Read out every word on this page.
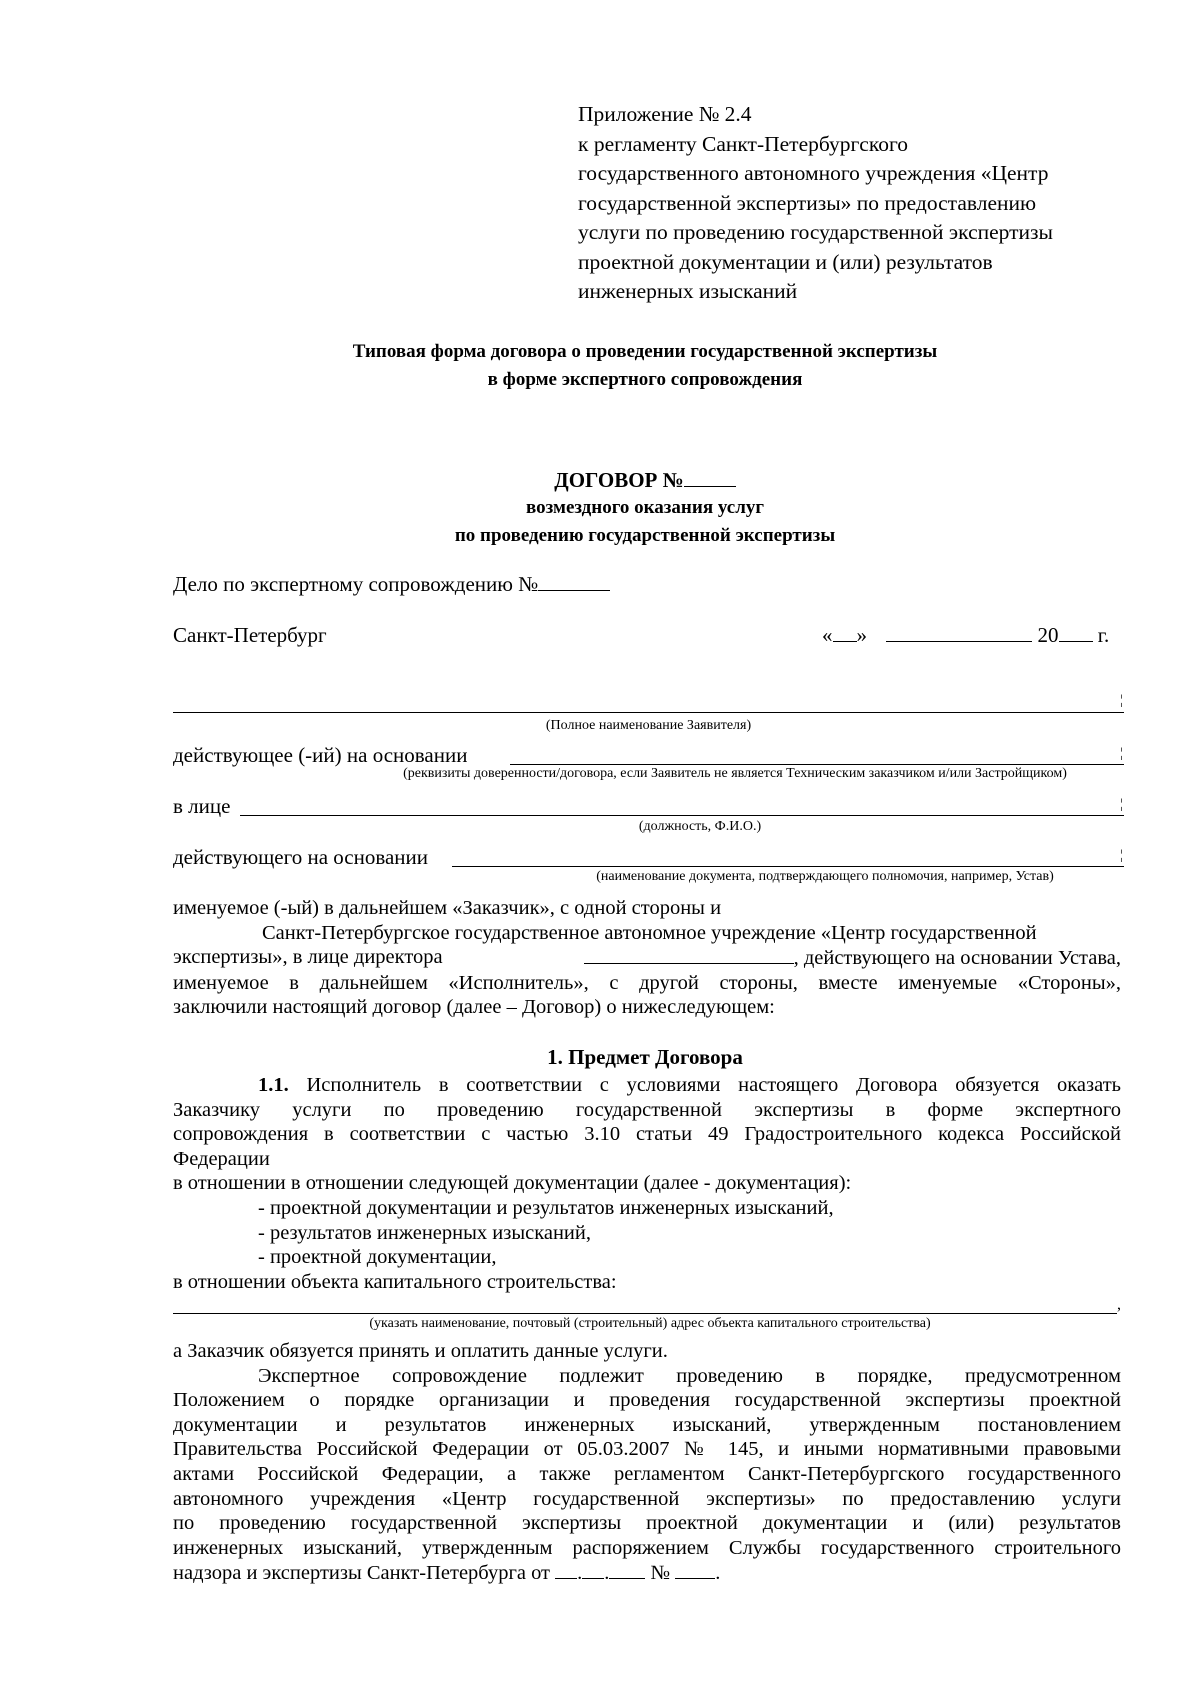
Приложение № 2.4
к регламенту Санкт-Петербургского
государственного автономного учреждения «Центр
государственной экспертизы» по предоставлению
услуги по проведению государственной экспертизы
проектной документации и (или) результатов
инженерных изысканий
Типовая форма договора о проведении государственной экспертизы
в форме экспертного сопровождения
ДОГОВОР №
возмездного оказания услуг
по проведению государственной экспертизы
Дело по экспертному сопровождению №
Санкт-Петербург	« »	20 г.
¦
(Полное наименование Заявителя)
действующее (-ий) на основании	¦
(реквизиты доверенности/договора, если Заявитель не является Техническим заказчиком и/или Застройщиком)
в лице	¦
(должность, Ф.И.О.)
действующего на основании	¦
(наименование документа, подтверждающего полномочия, например, Устав)

именуемое (-ый) в дальнейшем «Заказчик», с одной стороны и

Санкт-Петербургское государственное автономное учреждение «Центр государственной

экспертизы», в лице директора	, действующего на основании Устава,

именуемое в дальнейшем «Исполнитель», с другой стороны, вместе именуемые «Стороны»,

заключили настоящий договор (далее – Договор) о нижеследующем:

1. Предмет Договора

1.1. Исполнитель в соответствии с условиями настоящего Договора обязуется оказать

Заказчику услуги по проведению государственной экспертизы в форме экспертного

сопровождения в соответствии с частью 3.10 статьи 49 Градостроительного кодекса Российской

Федерации

в отношении в отношении следующей документации (далее - документация):

- проектной документации и результатов инженерных изысканий,

- результатов инженерных изысканий,

- проектной документации,

в отношении объекта капитального строительства:

,
(указать наименование, почтовый (строительный) адрес объекта капитального строительства)

а Заказчик обязуется принять и оплатить данные услуги.

Экспертное сопровождение подлежит проведению в порядке, предусмотренном

Положением о порядке организации и проведения государственной экспертизы проектной

документации и результатов инженерных изысканий, утвержденным постановлением

Правительства Российской Федерации от 05.03.2007 № 145, и иными нормативными правовыми

актами Российской Федерации, а также регламентом Санкт-Петербургского государственного

автономного учреждения «Центр государственной экспертизы» по предоставлению услуги

по проведению государственной экспертизы проектной документации и (или) результатов

инженерных изысканий, утвержденным распоряжением Службы государственного строительного

надзора и экспертизы Санкт-Петербурга от . . № .
